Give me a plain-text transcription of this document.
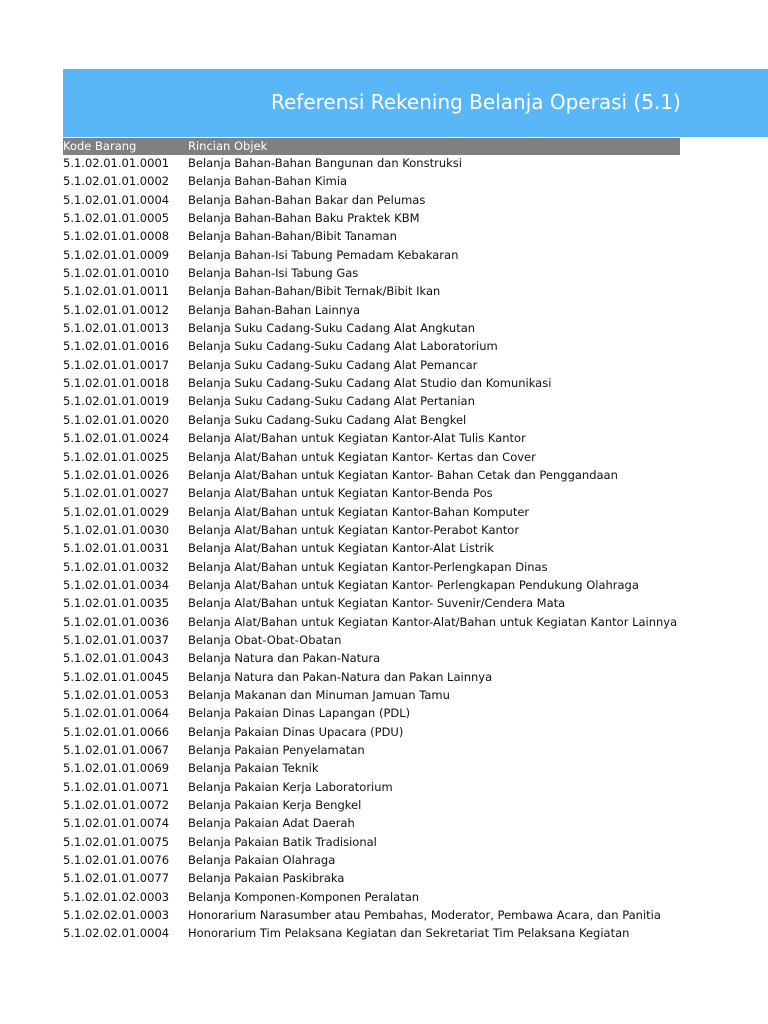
Referensi Rekening Belanja Operasi (5.1)
Kode Barang	Rincian Objek
5.1.02.01.01.0001 Belanja Bahan-Bahan Bangunan dan Konstruksi
5.1.02.01.01.0002 Belanja Bahan-Bahan Kimia
5.1.02.01.01.0004 Belanja Bahan-Bahan Bakar dan Pelumas
5.1.02.01.01.0005 Belanja Bahan-Bahan Baku Praktek KBM
5.1.02.01.01.0008 Belanja Bahan-Bahan/Bibit Tanaman
5.1.02.01.01.0009 Belanja Bahan-Isi Tabung Pemadam Kebakaran
5.1.02.01.01.0010 Belanja Bahan-Isi Tabung Gas
5.1.02.01.01.0011 Belanja Bahan-Bahan/Bibit Ternak/Bibit Ikan
5.1.02.01.01.0012 Belanja Bahan-Bahan Lainnya
5.1.02.01.01.0013 Belanja Suku Cadang-Suku Cadang Alat Angkutan
5.1.02.01.01.0016 Belanja Suku Cadang-Suku Cadang Alat Laboratorium
5.1.02.01.01.0017 Belanja Suku Cadang-Suku Cadang Alat Pemancar
5.1.02.01.01.0018 Belanja Suku Cadang-Suku Cadang Alat Studio dan Komunikasi
5.1.02.01.01.0019 Belanja Suku Cadang-Suku Cadang Alat Pertanian
5.1.02.01.01.0020 Belanja Suku Cadang-Suku Cadang Alat Bengkel
5.1.02.01.01.0024 Belanja Alat/Bahan untuk Kegiatan Kantor-Alat Tulis Kantor
5.1.02.01.01.0025 Belanja Alat/Bahan untuk Kegiatan Kantor- Kertas dan Cover
5.1.02.01.01.0026 Belanja Alat/Bahan untuk Kegiatan Kantor- Bahan Cetak dan Penggandaan
5.1.02.01.01.0027 Belanja Alat/Bahan untuk Kegiatan Kantor-Benda Pos
5.1.02.01.01.0029 Belanja Alat/Bahan untuk Kegiatan Kantor-Bahan Komputer
5.1.02.01.01.0030 Belanja Alat/Bahan untuk Kegiatan Kantor-Perabot Kantor
5.1.02.01.01.0031 Belanja Alat/Bahan untuk Kegiatan Kantor-Alat Listrik
5.1.02.01.01.0032 Belanja Alat/Bahan untuk Kegiatan Kantor-Perlengkapan Dinas
5.1.02.01.01.0034 Belanja Alat/Bahan untuk Kegiatan Kantor- Perlengkapan Pendukung Olahraga
5.1.02.01.01.0035 Belanja Alat/Bahan untuk Kegiatan Kantor- Suvenir/Cendera Mata
5.1.02.01.01.0036 Belanja Alat/Bahan untuk Kegiatan Kantor-Alat/Bahan untuk Kegiatan Kantor Lainnya
5.1.02.01.01.0037 Belanja Obat-Obat-Obatan
5.1.02.01.01.0043 Belanja Natura dan Pakan-Natura
5.1.02.01.01.0045 Belanja Natura dan Pakan-Natura dan Pakan Lainnya
5.1.02.01.01.0053 Belanja Makanan dan Minuman Jamuan Tamu
5.1.02.01.01.0064 Belanja Pakaian Dinas Lapangan (PDL)
5.1.02.01.01.0066 Belanja Pakaian Dinas Upacara (PDU)
5.1.02.01.01.0067 Belanja Pakaian Penyelamatan
5.1.02.01.01.0069 Belanja Pakaian Teknik
5.1.02.01.01.0071 Belanja Pakaian Kerja Laboratorium
5.1.02.01.01.0072 Belanja Pakaian Kerja Bengkel
5.1.02.01.01.0074 Belanja Pakaian Adat Daerah
5.1.02.01.01.0075 Belanja Pakaian Batik Tradisional
5.1.02.01.01.0076 Belanja Pakaian Olahraga
5.1.02.01.01.0077 Belanja Pakaian Paskibraka
5.1.02.01.02.0003 Belanja Komponen-Komponen Peralatan
5.1.02.02.01.0003 Honorarium Narasumber atau Pembahas, Moderator, Pembawa Acara, dan Panitia
5.1.02.02.01.0004 Honorarium Tim Pelaksana Kegiatan dan Sekretariat Tim Pelaksana Kegiatan
